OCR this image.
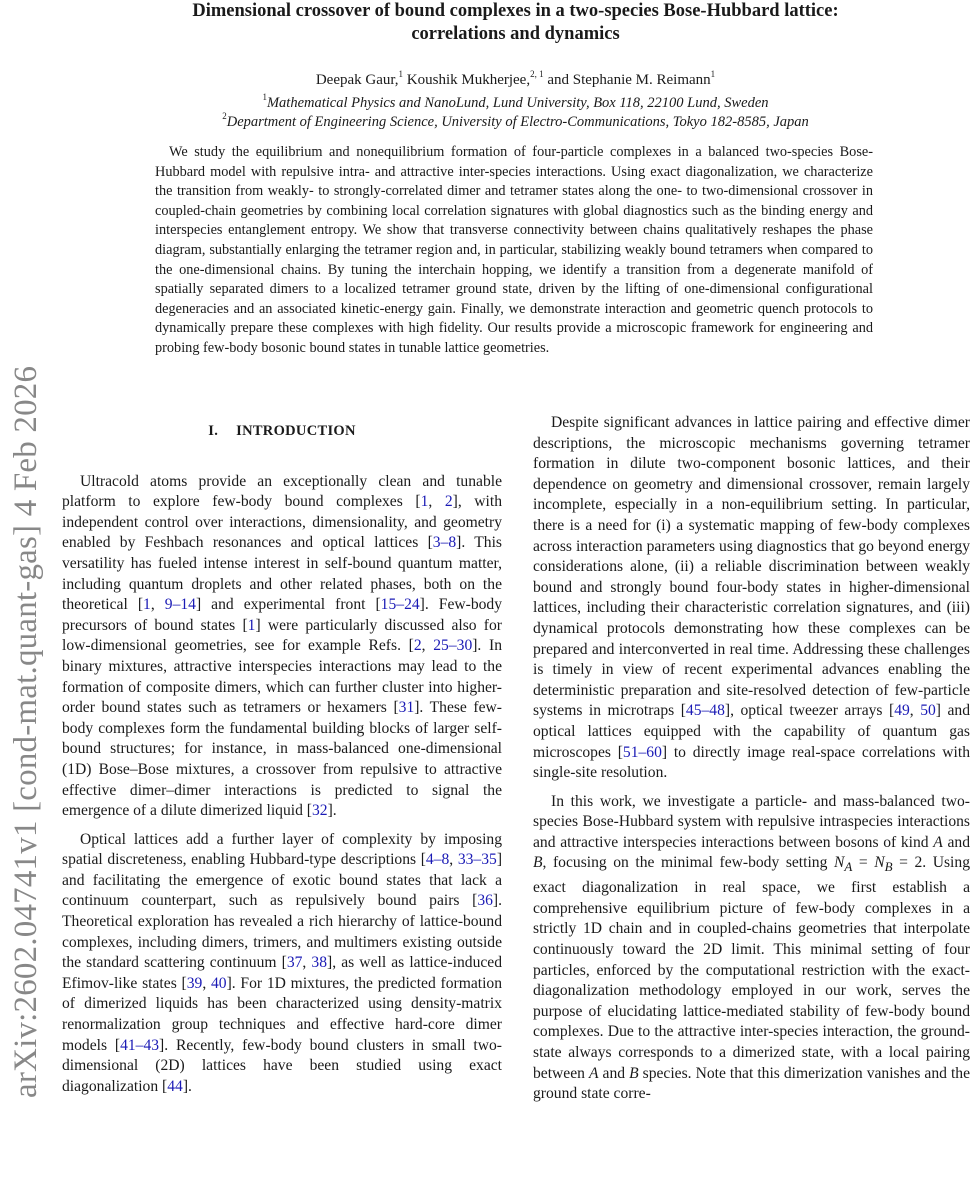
arXiv:2602.04741v1 [cond-mat.quant-gas] 4 Feb 2026
Dimensional crossover of bound complexes in a two-species Bose-Hubbard lattice:
correlations and dynamics
Deepak Gaur,$^1$ Koushik Mukherjee,$^{2, 1}$ and Stephanie M. Reimann$^1$
$^1$Mathematical Physics and NanoLund, Lund University, Box 118, 22100 Lund, Sweden
$^2$Department of Engineering Science, University of Electro-Communications, Tokyo 182-8585, Japan
We study the equilibrium and nonequilibrium formation of four-particle complexes in a balanced two-species Bose-Hubbard model with repulsive intra- and attractive inter-species interactions. Using exact diagonalization, we characterize the transition from weakly- to strongly-correlated dimer and tetramer states along the one- to two-dimensional crossover in coupled-chain geometries by combining local correlation signatures with global diagnostics such as the binding energy and interspecies entanglement entropy. We show that transverse connectivity between chains qualitatively reshapes the phase diagram, substantially enlarging the tetramer region and, in particular, stabilizing weakly bound tetramers when compared to the one-dimensional chains. By tuning the interchain hopping, we identify a transition from a degenerate manifold of spatially separated dimers to a localized tetramer ground state, driven by the lifting of one-dimensional configurational degeneracies and an associated kinetic-energy gain. Finally, we demonstrate interaction and geometric quench protocols to dynamically prepare these complexes with high fidelity. Our results provide a microscopic framework for engineering and probing few-body bosonic bound states in tunable lattice geometries.
I. INTRODUCTION

Ultracold atoms provide an exceptionally clean and tunable platform to explore few-body bound complexes [1, 2], with independent control over interactions, dimensionality, and geometry enabled by Feshbach resonances and optical lattices [3–8]. This versatility has fueled intense interest in self-bound quantum matter, including quantum droplets and other related phases, both on the theoretical [1, 9–14] and experimental front [15–24]. Few-body precursors of bound states [1] were particularly discussed also for low-dimensional geometries, see for example Refs. [2, 25–30]. In binary mixtures, attractive interspecies interactions may lead to the formation of composite dimers, which can further cluster into higher-order bound states such as tetramers or hexamers [31]. These few-body complexes form the fundamental building blocks of larger self-bound structures; for instance, in mass-balanced one-dimensional (1D) Bose–Bose mixtures, a crossover from repulsive to attractive effective dimer–dimer interactions is predicted to signal the emergence of a dilute dimerized liquid [32].

Optical lattices add a further layer of complexity by imposing spatial discreteness, enabling Hubbard-type descriptions [4–8, 33–35] and facilitating the emergence of exotic bound states that lack a continuum counterpart, such as repulsively bound pairs [36]. Theoretical exploration has revealed a rich hierarchy of lattice-bound complexes, including dimers, trimers, and multimers existing outside the standard scattering continuum [37, 38], as well as lattice-induced Efimov-like states [39, 40]. For 1D mixtures, the predicted formation of dimerized liquids has been characterized using density-matrix renormalization group techniques and effective hard-core dimer models [41–43]. Recently, few-body bound clusters in small two-dimensional (2D) lattices have been studied using exact diagonalization [44].

Despite significant advances in lattice pairing and effective dimer descriptions, the microscopic mechanisms governing tetramer formation in dilute two-component bosonic lattices, and their dependence on geometry and dimensional crossover, remain largely incomplete, especially in a non-equilibrium setting. In particular, there is a need for (i) a systematic mapping of few-body complexes across interaction parameters using diagnostics that go beyond energy considerations alone, (ii) a reliable discrimination between weakly bound and strongly bound four-body states in higher-dimensional lattices, including their characteristic correlation signatures, and (iii) dynamical protocols demonstrating how these complexes can be prepared and interconverted in real time. Addressing these challenges is timely in view of recent experimental advances enabling the deterministic preparation and site-resolved detection of few-particle systems in microtraps [45–48], optical tweezer arrays [49, 50] and optical lattices equipped with the capability of quantum gas microscopes [51–60] to directly image real-space correlations with single-site resolution.

In this work, we investigate a particle- and mass-balanced two-species Bose-Hubbard system with repulsive intraspecies interactions and attractive interspecies interactions between bosons of kind A and B, focusing on the minimal few-body setting $N_A = N_B = 2$. Using exact diagonalization in real space, we first establish a comprehensive equilibrium picture of few-body complexes in a strictly 1D chain and in coupled-chains geometries that interpolate continuously toward the 2D limit. This minimal setting of four particles, enforced by the computational restriction with the exact-diagonalization methodology employed in our work, serves the purpose of elucidating lattice-mediated stability of few-body bound complexes. Due to the attractive inter-species interaction, the ground-state always corresponds to a dimerized state, with a local pairing between A and B species. Note that this dimerization vanishes and the ground state corre-
